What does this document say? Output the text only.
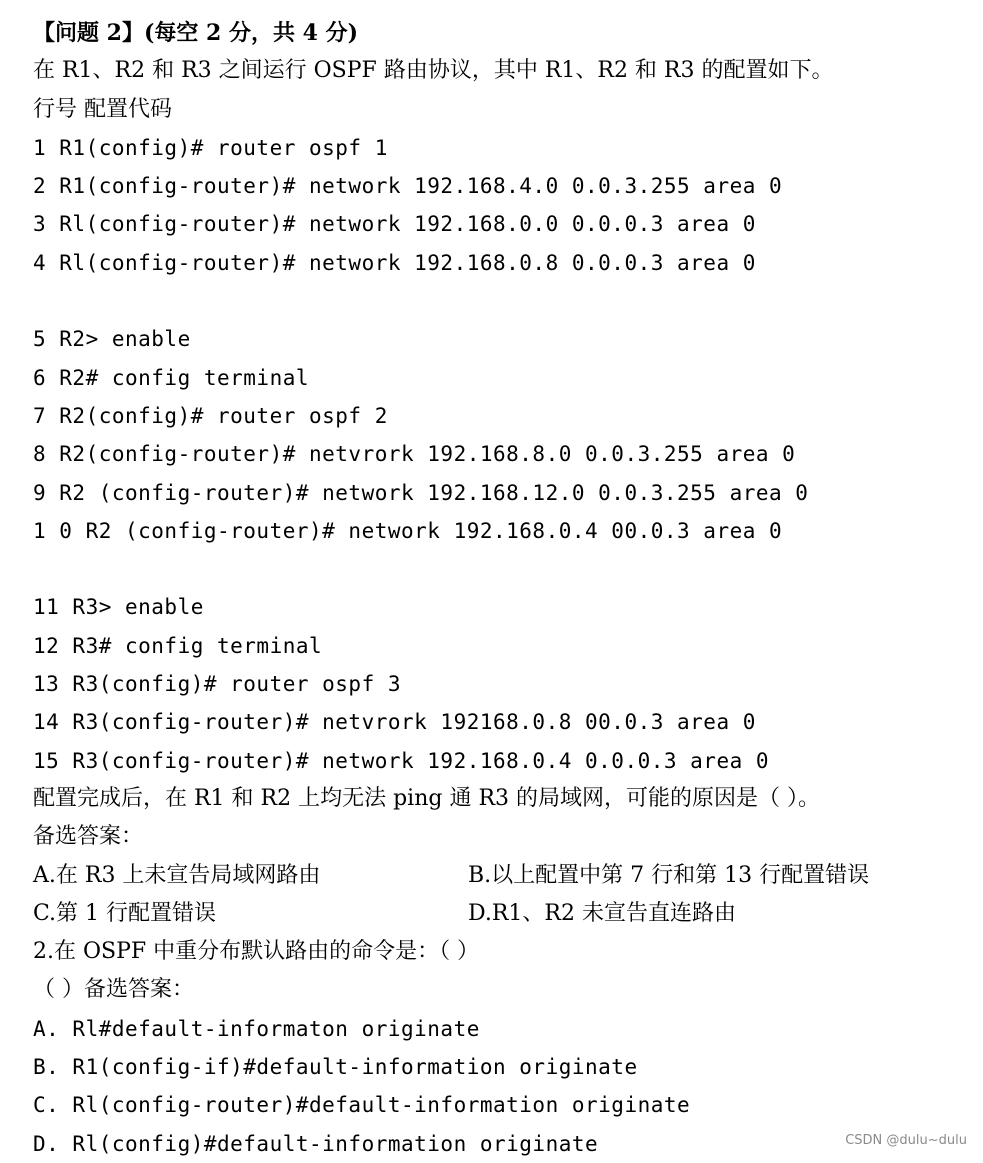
【问题 2】(每空 2 分，共 4 分)
在 R1、R2 和 R3 之间运行 OSPF 路由协议，其中 R1、R2 和 R3 的配置如下。
行号 配置代码
1 R1(config)# router ospf 1
2 R1(config-router)# network 192.168.4.0 0.0.3.255 area 0
3 Rl(config-router)# network 192.168.0.0 0.0.0.3 area 0
4 Rl(config-router)# network 192.168.0.8 0.0.0.3 area 0
5 R2> enable
6 R2# config terminal
7 R2(config)# router ospf 2
8 R2(config-router)# netvrork 192.168.8.0 0.0.3.255 area 0
9 R2 (config-router)# network 192.168.12.0 0.0.3.255 area 0
1 0 R2 (config-router)# network 192.168.0.4 00.0.3 area 0
11 R3> enable
12 R3# config terminal
13 R3(config)# router ospf 3
14 R3(config-router)# netvrork 192168.0.8 00.0.3 area 0
15 R3(config-router)# network 192.168.0.4 0.0.0.3 area 0
配置完成后，在 R1 和 R2 上均无法 ping 通 R3 的局域网，可能的原因是（ ）。
备选答案：
A.在 R3 上未宣告局域网路由	B.以上配置中第 7 行和第 13 行配置错误
C.第 1 行配置错误	D.R1、R2 未宣告直连路由
2.在 OSPF 中重分布默认路由的命令是：（ ）
（ ）备选答案：
A. Rl#default-informaton originate
B. R1(config-if)#default-information originate
C. Rl(config-router)#default-information originate
D. Rl(config)#default-information originate	CSDN @dulu~dulu
